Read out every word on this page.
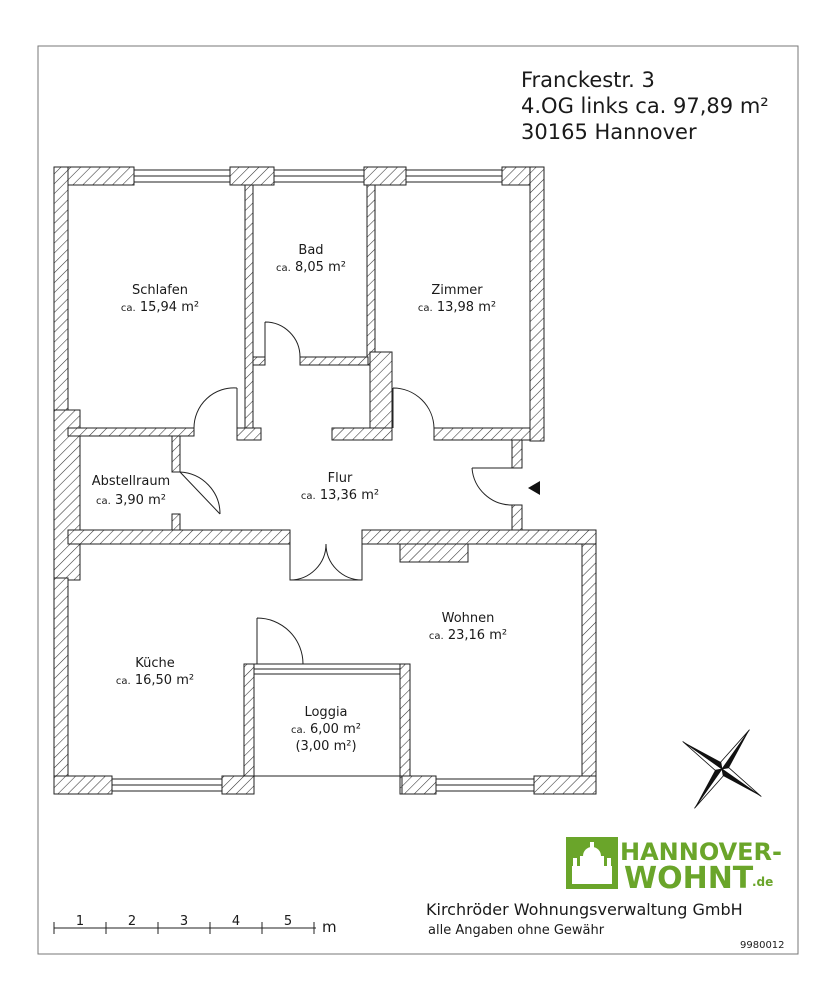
Franckestr. 3
4.OG links ca. 97,89 m²
30165 Hannover
Schlafen
ca. 15,94 m²
Bad
ca. 8,05 m²
Zimmer
ca. 13,98 m²
Abstellraum
ca. 3,90 m²
Flur
ca. 13,36 m²
Wohnen
ca. 23,16 m²
Küche
ca. 16,50 m²
Loggia
ca. 6,00 m²
(3,00 m²)
HANNOVER-
WOHNT
.de
Kirchröder Wohnungsverwaltung GmbH
alle Angaben ohne Gewähr
9980012
1	2	3	4	5 m
